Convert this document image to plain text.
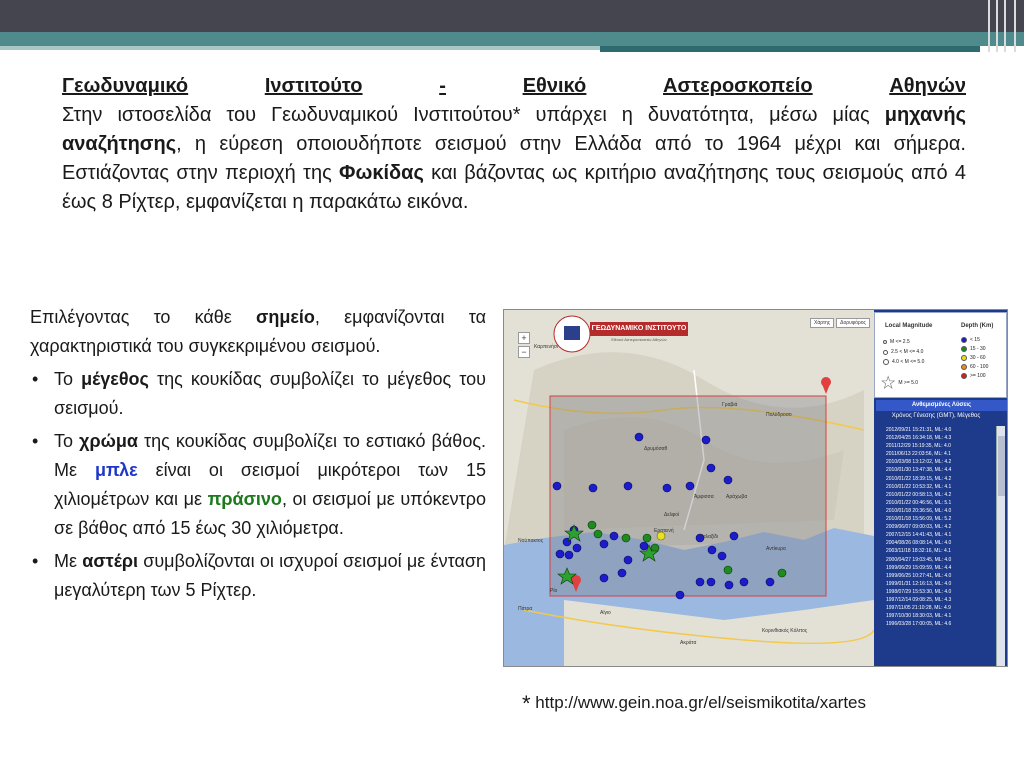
Γεωδυναμικό	Ινστιτούτο	-	Εθνικό	Αστεροσκοπείο	Αθηνών
Στην ιστοσελίδα του Γεωδυναμικού Ινστιτούτου* υπάρχει η δυνατότητα, μέσω μίας μηχανής αναζήτησης, η εύρεση οποιουδήποτε σεισμού στην Ελλάδα από το 1964 μέχρι και σήμερα. Εστιάζοντας στην περιοχή της Φωκίδας και βάζοντας ως κριτήριο αναζήτησης τους σεισμούς από 4 έως 8 Ρίχτερ, εμφανίζεται η παρακάτω εικόνα.

Επιλέγοντας το κάθε σημείο, εμφανίζονται τα χαρακτηριστικά του συγκεκριμένου σεισμού.

• Το μέγεθος της κουκίδας συμβολίζει το μέγεθος του σεισμού.
• Το χρώμα της κουκίδας συμβολίζει το εστιακό βάθος. Με μπλε είναι οι σεισμοί μικρότεροι των 15 χιλιομέτρων και με πράσινο, οι σεισμοί με υπόκεντρο σε βάθος από 15 έως 30 χιλιόμετρα.
• Με αστέρι συμβολίζονται οι ισχυροί σεισμοί με ένταση μεγαλύτερη των 5 Ρίχτερ.
Καρπενήσι
Δρυμόσαθ
Γραβιά
Πολύδροσο
Άμφισσα
Δελφοί
Αράχωβα
Γαλαξίδι
Ερατεινή
Αντίκυρα
Ναύπακτος
Πάτρα
Αίγιο
Ακράτα
Κορινθιακός Κόλπος
Ρίο
ΓΕΩΔΥΝΑΜΙΚΟ ΙΝΣΤΙΤΟΥΤΟ
Εθνικό Αστεροσκοπείο Αθηνών
Χάρτης	Δορυφόρος
+
−
Local Magnitude	Depth (Km)
M <= 2.5
2.5 < M <= 4.0
4.0 < M <= 5.0
★ M >= 5.0
< 15
15 - 30
30 - 60
60 - 100
>= 100
Ανθεμισμένες Λύσεις
Χρόνος Γένεσης (GMT), Μέγεθος
2012/09/21 15:21:31, ML: 4.0
2012/04/25 16:34:18, ML: 4.3
2011/12/29 15:19:35, ML: 4.0
2011/06/13 22:03:56, ML: 4.1
2010/03/08 13:12:02, ML: 4.2
2010/01/30 13:47:38, ML: 4.4
2010/01/22 18:39:15, ML: 4.2
2010/01/22 10:53:32, ML: 4.1
2010/01/22 00:58:13, ML: 4.2
2010/01/22 00:46:56, ML: 5.1
2010/01/18 20:36:56, ML: 4.0
2010/01/18 15:56:09, ML: 5.2
2009/06/07 09:00:03, ML: 4.2
2007/12/15 14:41:43, ML: 4.1
2004/08/26 08:08:14, ML: 4.0
2003/11/18 18:32:16, ML: 4.1
2000/04/27 19:03:45, ML: 4.0
1999/06/29 15:09:59, ML: 4.4
1999/06/25 10:27:41, ML: 4.0
1999/01/31 12:16:13, ML: 4.0
1998/07/29 15:53:30, ML: 4.0
1997/12/14 09:08:25, ML: 4.3
1997/11/05 21:10:28, ML: 4.9
1997/10/30 18:30:03, ML: 4.1
1996/03/28 17:00:05, ML: 4.6
* http://www.gein.noa.gr/el/seismikotita/xartes
